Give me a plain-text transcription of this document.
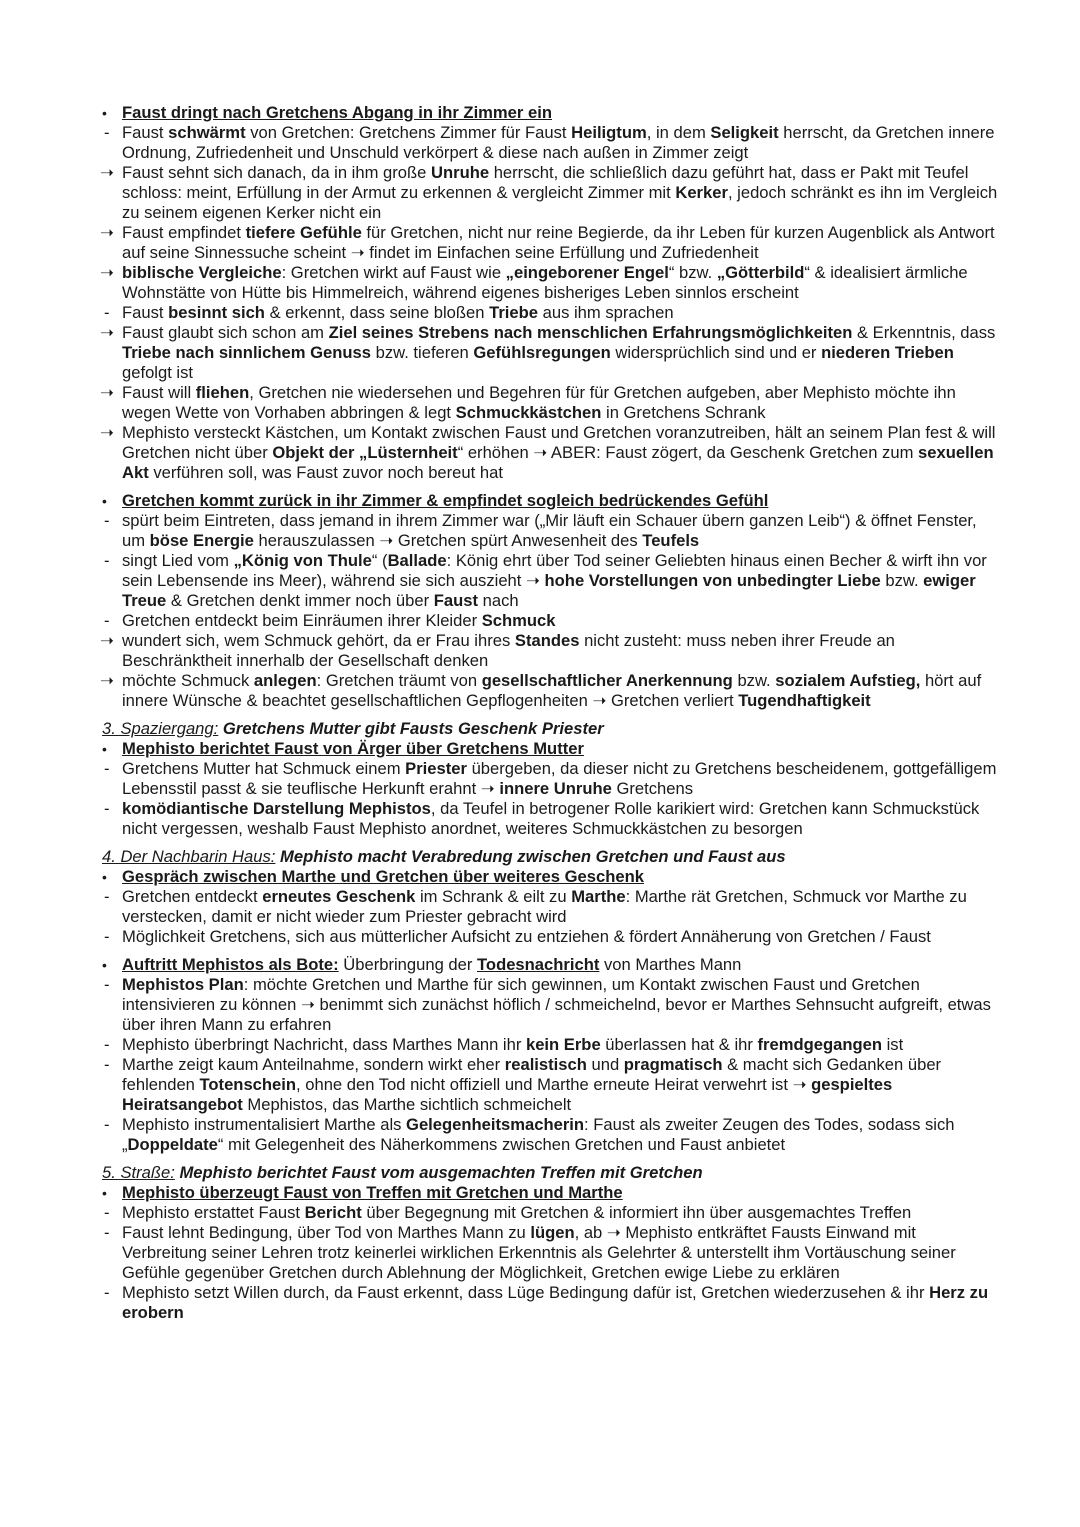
• Faust dringt nach Gretchens Abgang in ihr Zimmer ein

- Faust schwärmt von Gretchen: Gretchens Zimmer für Faust Heiligtum, in dem Seligkeit herrscht, da Gretchen innere Ordnung, Zufriedenheit und Unschuld verkörpert & diese nach außen in Zimmer zeigt

➝ Faust sehnt sich danach, da in ihm große Unruhe herrscht, die schließlich dazu geführt hat, dass er Pakt mit Teufel schloss: meint, Erfüllung in der Armut zu erkennen & vergleicht Zimmer mit Kerker, jedoch schränkt es ihn im Vergleich zu seinem eigenen Kerker nicht ein

➝ Faust empfindet tiefere Gefühle für Gretchen, nicht nur reine Begierde, da ihr Leben für kurzen Augenblick als Antwort auf seine Sinnessuche scheint ➝ findet im Einfachen seine Erfüllung und Zufriedenheit

➝ biblische Vergleiche: Gretchen wirkt auf Faust wie „eingeborener Engel“ bzw. „Götterbild“ & idealisiert ärmliche Wohnstätte von Hütte bis Himmelreich, während eigenes bisheriges Leben sinnlos erscheint

- Faust besinnt sich & erkennt, dass seine bloßen Triebe aus ihm sprachen

➝ Faust glaubt sich schon am Ziel seines Strebens nach menschlichen Erfahrungsmöglichkeiten & Erkenntnis, dass Triebe nach sinnlichem Genuss bzw. tieferen Gefühlsregungen widersprüchlich sind und er niederen Trieben gefolgt ist

➝ Faust will fliehen, Gretchen nie wiedersehen und Begehren für für Gretchen aufgeben, aber Mephisto möchte ihn wegen Wette von Vorhaben abbringen & legt Schmuckkästchen in Gretchens Schrank

➝ Mephisto versteckt Kästchen, um Kontakt zwischen Faust und Gretchen voranzutreiben, hält an seinem Plan fest & will Gretchen nicht über Objekt der „Lüsternheit“ erhöhen ➝ ABER: Faust zögert, da Geschenk Gretchen zum sexuellen Akt verführen soll, was Faust zuvor noch bereut hat

• Gretchen kommt zurück in ihr Zimmer & empfindet sogleich bedrückendes Gefühl

- spürt beim Eintreten, dass jemand in ihrem Zimmer war („Mir läuft ein Schauer übern ganzen Leib“) & öffnet Fenster, um böse Energie herauszulassen ➝ Gretchen spürt Anwesenheit des Teufels

- singt Lied vom „König von Thule“ (Ballade: König ehrt über Tod seiner Geliebten hinaus einen Becher & wirft ihn vor sein Lebensende ins Meer), während sie sich auszieht ➝ hohe Vorstellungen von unbedingter Liebe bzw. ewiger Treue & Gretchen denkt immer noch über Faust nach

- Gretchen entdeckt beim Einräumen ihrer Kleider Schmuck

➝ wundert sich, wem Schmuck gehört, da er Frau ihres Standes nicht zusteht: muss neben ihrer Freude an Beschränktheit innerhalb der Gesellschaft denken

➝ möchte Schmuck anlegen: Gretchen träumt von gesellschaftlicher Anerkennung bzw. sozialem Aufstieg, hört auf innere Wünsche & beachtet gesellschaftlichen Gepflogenheiten ➝ Gretchen verliert Tugendhaftigkeit

3. Spaziergang: Gretchens Mutter gibt Fausts Geschenk Priester

• Mephisto berichtet Faust von Ärger über Gretchens Mutter

- Gretchens Mutter hat Schmuck einem Priester übergeben, da dieser nicht zu Gretchens bescheidenem, gottgefälligem Lebensstil passt & sie teuflische Herkunft erahnt ➝ innere Unruhe Gretchens

- komödiantische Darstellung Mephistos, da Teufel in betrogener Rolle karikiert wird: Gretchen kann Schmuckstück nicht vergessen, weshalb Faust Mephisto anordnet, weiteres Schmuckkästchen zu besorgen

4. Der Nachbarin Haus: Mephisto macht Verabredung zwischen Gretchen und Faust aus

• Gespräch zwischen Marthe und Gretchen über weiteres Geschenk

- Gretchen entdeckt erneutes Geschenk im Schrank & eilt zu Marthe: Marthe rät Gretchen, Schmuck vor Marthe zu verstecken, damit er nicht wieder zum Priester gebracht wird

- Möglichkeit Gretchens, sich aus mütterlicher Aufsicht zu entziehen & fördert Annäherung von Gretchen / Faust

• Auftritt Mephistos als Bote: Überbringung der Todesnachricht von Marthes Mann

- Mephistos Plan: möchte Gretchen und Marthe für sich gewinnen, um Kontakt zwischen Faust und Gretchen intensivieren zu können ➝ benimmt sich zunächst höflich / schmeichelnd, bevor er Marthes Sehnsucht aufgreift, etwas über ihren Mann zu erfahren

- Mephisto überbringt Nachricht, dass Marthes Mann ihr kein Erbe überlassen hat & ihr fremdgegangen ist

- Marthe zeigt kaum Anteilnahme, sondern wirkt eher realistisch und pragmatisch & macht sich Gedanken über fehlenden Totenschein, ohne den Tod nicht offiziell und Marthe erneute Heirat verwehrt ist ➝ gespieltes Heiratsangebot Mephistos, das Marthe sichtlich schmeichelt

- Mephisto instrumentalisiert Marthe als Gelegenheitsmacherin: Faust als zweiter Zeugen des Todes, sodass sich „Doppeldate“ mit Gelegenheit des Näherkommens zwischen Gretchen und Faust anbietet

5. Straße: Mephisto berichtet Faust vom ausgemachten Treffen mit Gretchen

• Mephisto überzeugt Faust von Treffen mit Gretchen und Marthe

- Mephisto erstattet Faust Bericht über Begegnung mit Gretchen & informiert ihn über ausgemachtes Treffen

- Faust lehnt Bedingung, über Tod von Marthes Mann zu lügen, ab ➝ Mephisto entkräftet Fausts Einwand mit Verbreitung seiner Lehren trotz keinerlei wirklichen Erkenntnis als Gelehrter & unterstellt ihm Vortäuschung seiner Gefühle gegenüber Gretchen durch Ablehnung der Möglichkeit, Gretchen ewige Liebe zu erklären

- Mephisto setzt Willen durch, da Faust erkennt, dass Lüge Bedingung dafür ist, Gretchen wiederzusehen & ihr Herz zu erobern
